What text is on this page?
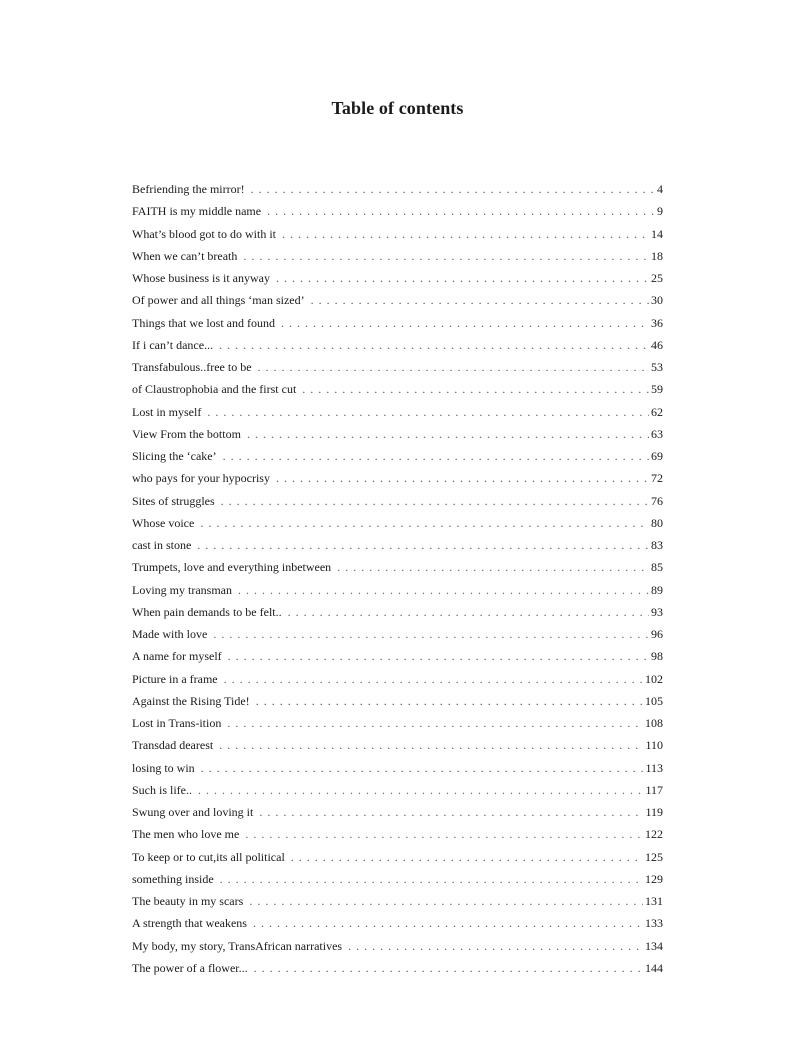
Table of contents
Befriending the mirror! . . .	4
FAITH is my middle name . . .	9
What’s blood got to do with it . . .	14
When we can’t breath . . .	18
Whose business is it anyway . . .	25
Of power and all things ‘man sized’ . . .	30
Things that we lost and found . . .	36
If i can’t dance... . . .	46
Transfabulous..free to be . . .	53
of Claustrophobia and the first cut . . .	59
Lost in myself . . .	62
View From the bottom . . .	63
Slicing the ‘cake’ . . .	69
who pays for your hypocrisy . . .	72
Sites of struggles . . .	76
Whose voice . . .	80
cast in stone . . .	83
Trumpets, love and everything inbetween . . .	85
Loving my transman . . .	89
When pain demands to be felt.. . . .	93
Made with love . . .	96
A name for myself . . .	98
Picture in a frame . . .	102
Against the Rising Tide! . . .	105
Lost in Trans-ition . . .	108
Transdad dearest . . .	110
losing to win . . .	113
Such is life.. . . .	117
Swung over and loving it . . .	119
The men who love me . . .	122
To keep or to cut,its all political . . .	125
something inside . . .	129
The beauty in my scars . . .	131
A strength that weakens . . .	133
My body, my story, TransAfrican narratives . . .	134
The power of a flower... . . .	144
